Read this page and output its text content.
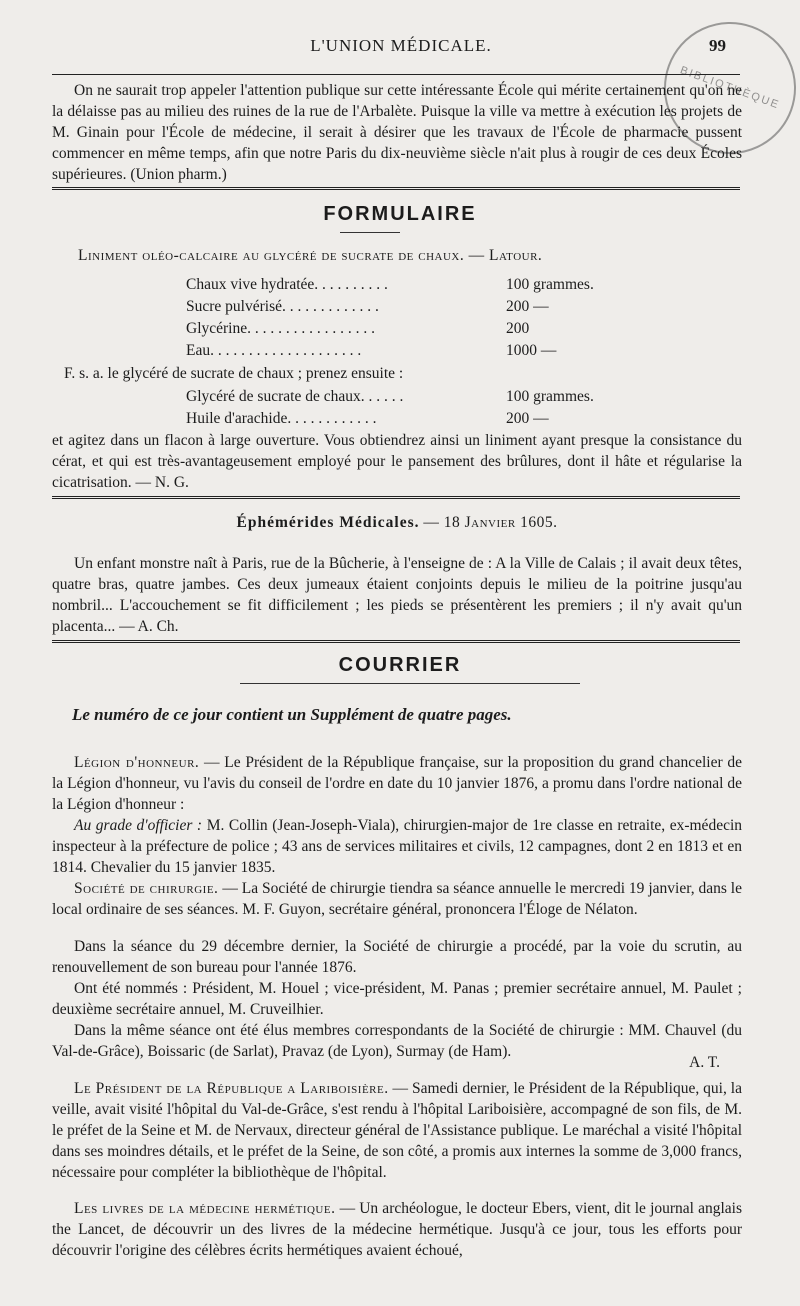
L'UNION MÉDICALE.	99
BIBLIOTHÈQUE
On ne saurait trop appeler l'attention publique sur cette intéressante École qui mérite certainement qu'on ne la délaisse pas au milieu des ruines de la rue de l'Arbalète. Puisque la ville va mettre à exécution les projets de M. Ginain pour l'École de médecine, il serait à désirer que les travaux de l'École de pharmacie pussent commencer en même temps, afin que notre Paris du dix-neuvième siècle n'ait plus à rougir de ces deux Écoles supérieures. (Union pharm.)
FORMULAIRE
Liniment oléo-calcaire au glycéré de sucrate de chaux. — Latour.
Chaux vive hydratée. . . . . . . . . .	100 grammes.
Sucre pulvérisé. . . . . . . . . . . . .	200 —
Glycérine. . . . . . . . . . . . . . . . .	200
Eau. . . . . . . . . . . . . . . . . . . .	1000 —
F. s. a. le glycéré de sucrate de chaux ; prenez ensuite :
Glycéré de sucrate de chaux. . . . . .	100 grammes.
Huile d'arachide. . . . . . . . . . . .	200 —
et agitez dans un flacon à large ouverture. Vous obtiendrez ainsi un liniment ayant presque la consistance du cérat, et qui est très-avantageusement employé pour le pansement des brûlures, dont il hâte et régularise la cicatrisation. — N. G.
Éphémérides Médicales. — 18 Janvier 1605.
Un enfant monstre naît à Paris, rue de la Bûcherie, à l'enseigne de : A la Ville de Calais ; il avait deux têtes, quatre bras, quatre jambes. Ces deux jumeaux étaient conjoints depuis le milieu de la poitrine jusqu'au nombril... L'accouchement se fit difficilement ; les pieds se présentèrent les premiers ; il n'y avait qu'un placenta... — A. Ch.
COURRIER
Le numéro de ce jour contient un Supplément de quatre pages.
Légion d'honneur. — Le Président de la République française, sur la proposition du grand chancelier de la Légion d'honneur, vu l'avis du conseil de l'ordre en date du 10 janvier 1876, a promu dans l'ordre national de la Légion d'honneur :
Au grade d'officier : M. Collin (Jean-Joseph-Viala), chirurgien-major de 1re classe en retraite, ex-médecin inspecteur à la préfecture de police ; 43 ans de services militaires et civils, 12 campagnes, dont 2 en 1813 et en 1814. Chevalier du 15 janvier 1835.
Société de chirurgie. — La Société de chirurgie tiendra sa séance annuelle le mercredi 19 janvier, dans le local ordinaire de ses séances. M. F. Guyon, secrétaire général, prononcera l'Éloge de Nélaton.
Dans la séance du 29 décembre dernier, la Société de chirurgie a procédé, par la voie du scrutin, au renouvellement de son bureau pour l'année 1876.
Ont été nommés : Président, M. Houel ; vice-président, M. Panas ; premier secrétaire annuel, M. Paulet ; deuxième secrétaire annuel, M. Cruveilhier.
Dans la même séance ont été élus membres correspondants de la Société de chirurgie : MM. Chauvel (du Val-de-Grâce), Boissaric (de Sarlat), Pravaz (de Lyon), Surmay (de Ham).
A. T.
Le Président de la République a Lariboisière. — Samedi dernier, le Président de la République, qui, la veille, avait visité l'hôpital du Val-de-Grâce, s'est rendu à l'hôpital Lariboisière, accompagné de son fils, de M. le préfet de la Seine et M. de Nervaux, directeur général de l'Assistance publique. Le maréchal a visité l'hôpital dans ses moindres détails, et le préfet de la Seine, de son côté, a promis aux internes la somme de 3,000 francs, nécessaire pour compléter la bibliothèque de l'hôpital.
Les livres de la médecine hermétique. — Un archéologue, le docteur Ebers, vient, dit le journal anglais the Lancet, de découvrir un des livres de la médecine hermétique. Jusqu'à ce jour, tous les efforts pour découvrir l'origine des célèbres écrits hermétiques avaient échoué,
